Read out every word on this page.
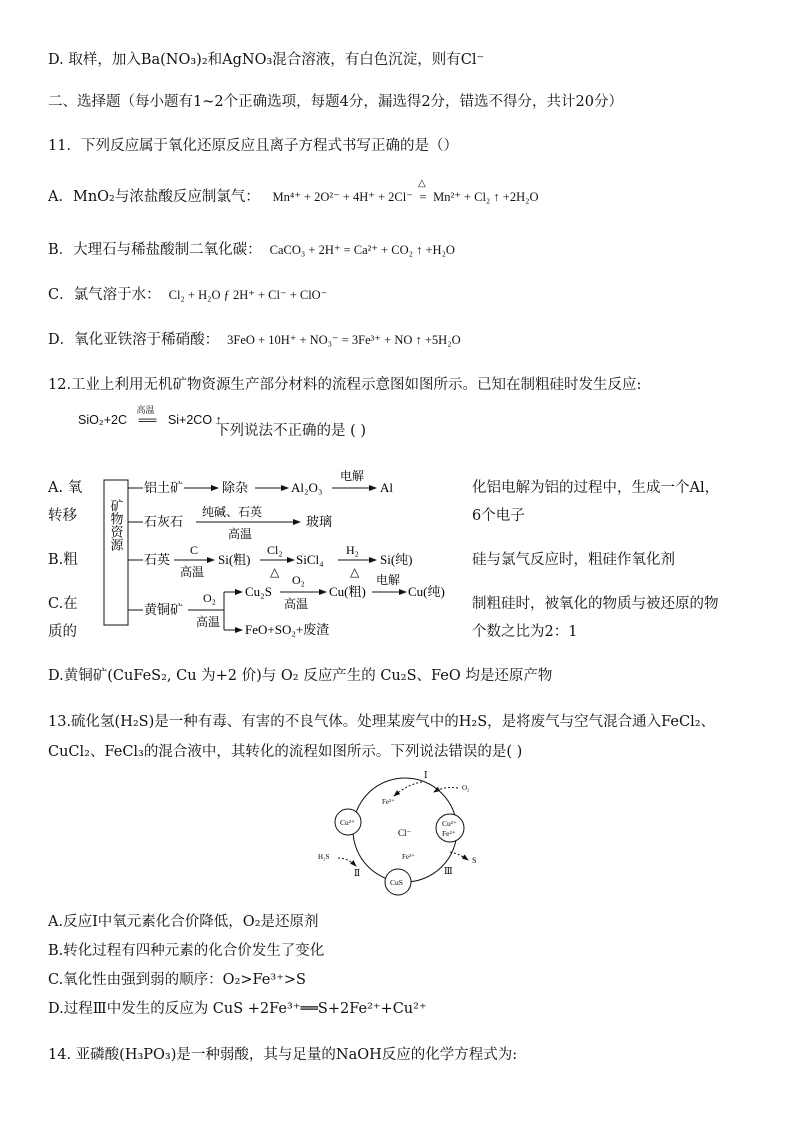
D. 取样，加入Ba(NO₃)₂和AgNO₃混合溶液，有白色沉淀，则有Cl⁻
二、选择题（每小题有1~2个正确选项，每题4分，漏选得2分，错选不得分，共计20分）
11．下列反应属于氧化还原反应且离子方程式书写正确的是（）
A．MnO₂与浓盐酸反应制氯气： Mn⁴⁺ + 2O²⁻ + 4H⁺ + 2Cl⁻
△
= Mn²⁺ + Cl₂ ↑ +2H₂O
B．大理石与稀盐酸制二氧化碳： CaCO₃ + 2H⁺ = Ca²⁺ + CO₂ ↑ +H₂O
C．氯气溶于水： Cl₂ + H₂O ƒ 2H⁺ + Cl⁻ + ClO⁻
D．氧化亚铁溶于稀硝酸： 3FeO + 10H⁺ + NO₃⁻ = 3Fe³⁺ + NO ↑ +5H₂O
12.工业上利用无机矿物资源生产部分材料的流程示意图如图所示。已知在制粗硅时发生反应:
SiO₂+2C
高温
══ Si+2CO ↑
下列说法不正确的是 ( )
A. 氧
转移
化铝电解为铝的过程中，生成一个Al，
6个电子
B.粗	硅与氯气反应时，粗硅作氧化剂
C.在
质的
制粗硅时，被氧化的物质与被还原的物
个数之比为2：1
矿物资源
铝土矿	除杂	Al₂O₃
电解
Al
石灰石
纯碱、石英
高温
玻璃
石英
C
高温
Si(粗)
Cl₂
△
SiCl₄
H₂
△
Si(纯)
黄铜矿
O₂
高温
Cu₂S
O₂
高温
Cu(粗)
电解
Cu(纯)
FeO+SO₂+废渣
D.黄铜矿(CuFeS₂, Cu 为+2 价)与 O₂ 反应产生的 Cu₂S、FeO 均是还原产物
13.硫化氢(H₂S)是一种有毒、有害的不良气体。处理某废气中的H₂S，是将废气与空气混合通入FeCl₂、
CuCl₂、FeCl₃的混合液中，其转化的流程如图所示。下列说法错误的是( )
Cl⁻
Cu²⁺	Cu²⁺
Fe²⁺
CuS
Fe³⁺
Ⅰ
O₂
H₂S
Ⅱ
Fe³⁺	S
Ⅲ
A.反应Ⅰ中氧元素化合价降低，O₂是还原剂
B.转化过程有四种元素的化合价发生了变化
C.氧化性由强到弱的顺序：O₂>Fe³⁺>S
D.过程Ⅲ中发生的反应为 CuS +2Fe³⁺══S+2Fe²⁺+Cu²⁺
14. 亚磷酸(H₃PO₃)是一种弱酸，其与足量的NaOH反应的化学方程式为:
